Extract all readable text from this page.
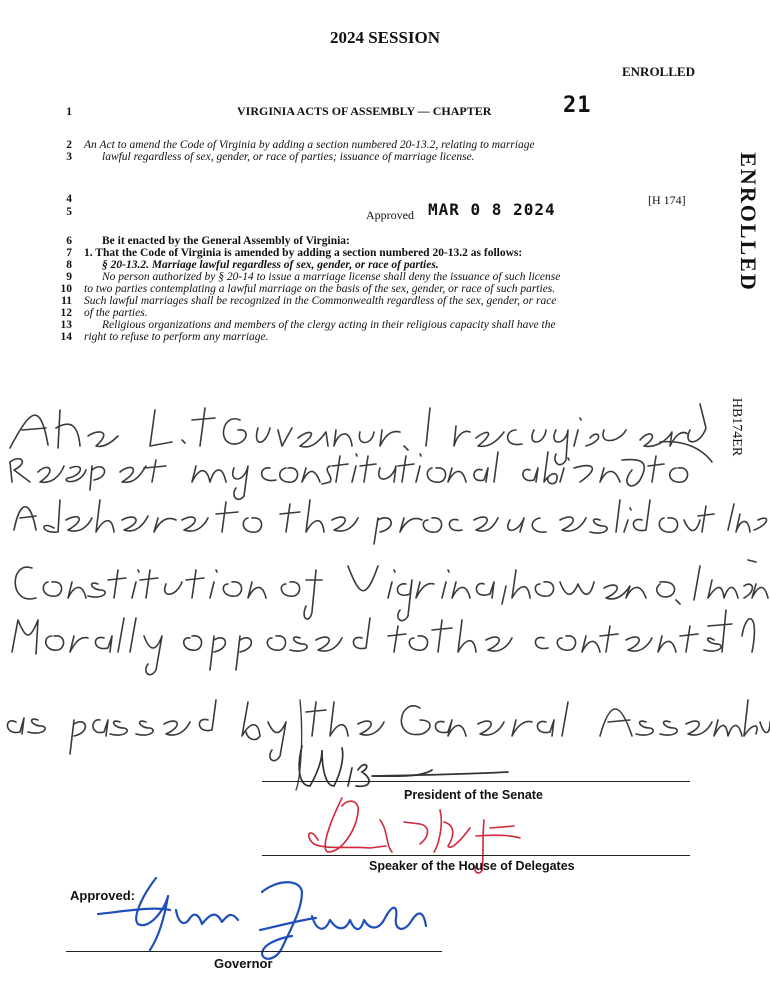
2024 SESSION
ENROLLED
ENROLLED
HB174ER
1	VIRGINIA ACTS OF ASSEMBLY — CHAPTER	21
2 An Act to amend the Code of Virginia by adding a section numbered 20-13.2, relating to marriage
3	lawful regardless of sex, gender, or race of parties; issuance of marriage license.
4
5	Approved MAR 0 8 2024	[H 174]
6	Be it enacted by the General Assembly of Virginia:
7 1. That the Code of Virginia is amended by adding a section numbered 20-13.2 as follows:
8	§ 20-13.2. Marriage lawful regardless of sex, gender, or race of parties.
9	No person authorized by § 20-14 to issue a marriage license shall deny the issuance of such license
10 to two parties contemplating a lawful marriage on the basis of the sex, gender, or race of such parties.
11 Such lawful marriages shall be recognized in the Commonwealth regardless of the sex, gender, or race
12 of the parties.
13	Religious organizations and members of the clergy acting in their religious capacity shall have the
14 right to refuse to perform any marriage.
President of the Senate
Speaker of the House of Delegates
Approved:
Governor
